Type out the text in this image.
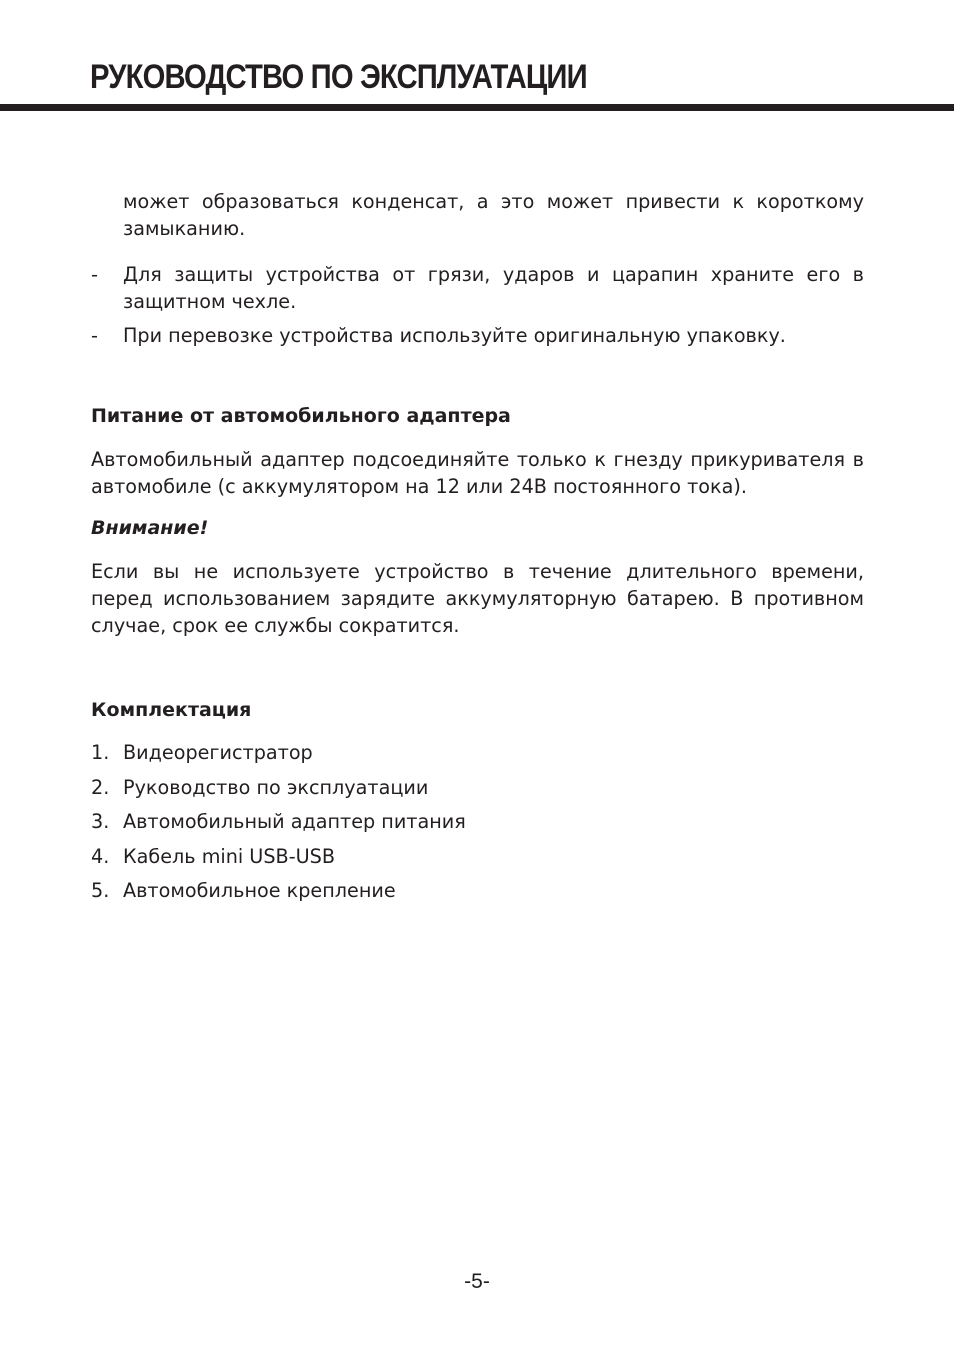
РУКОВОДСТВО ПО ЭКСПЛУАТАЦИИ

может образоваться конденсат, а это может привести к короткому замыканию.

-	Для защиты устройства от грязи, ударов и царапин храните его в защитном чехле.
-	При перевозке устройства используйте оригинальную упаковку.

Питание от автомобильного адаптера

Автомобильный адаптер подсоединяйте только к гнезду прикуривателя в автомобиле (с аккумулятором на 12 или 24В постоянного тока).

Внимание!

Если вы не используете устройство в течение длительного времени, перед использованием зарядите аккумуляторную батарею. В противном случае, срок ее службы сократится.

Комплектация

1. Видеорегистратор
2. Руководство по эксплуатации
3. Автомобильный адаптер питания
4. Кабель mini USB-USB
5. Автомобильное крепление
-5-
